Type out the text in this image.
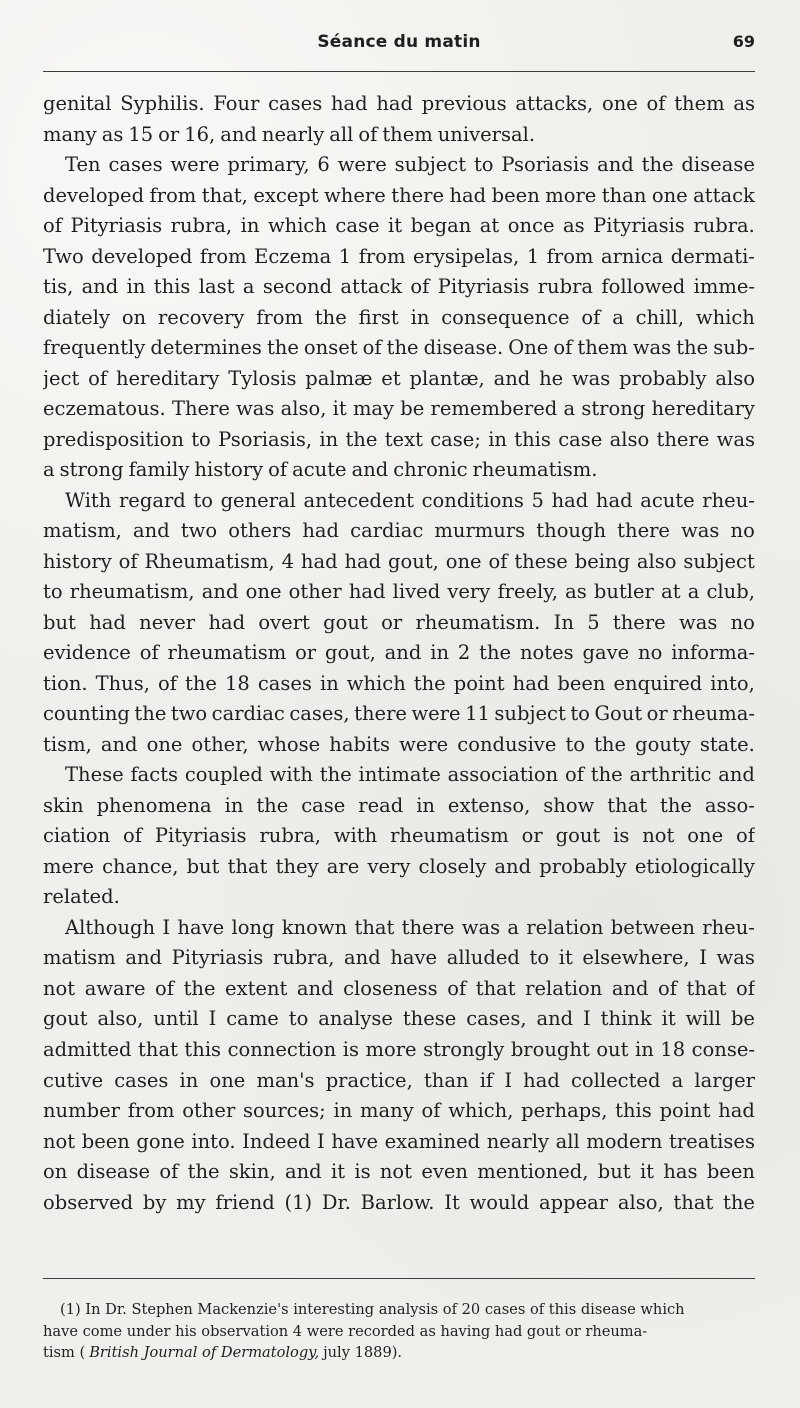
Séance du matin	69
genital Syphilis. Four cases had had previous attacks, one of them as
many as 15 or 16, and nearly all of them universal.
Ten cases were primary, 6 were subject to Psoriasis and the disease
developed from that, except where there had been more than one attack
of Pityriasis rubra, in which case it began at once as Pityriasis rubra.
Two developed from Eczema 1 from erysipelas, 1 from arnica dermati-
tis, and in this last a second attack of Pityriasis rubra followed imme-
diately on recovery from the first in consequence of a chill, which
frequently determines the onset of the disease. One of them was the sub-
ject of hereditary Tylosis palmæ et plantæ, and he was probably also
eczematous. There was also, it may be remembered a strong hereditary
predisposition to Psoriasis, in the text case; in this case also there was
a strong family history of acute and chronic rheumatism.
With regard to general antecedent conditions 5 had had acute rheu-
matism, and two others had cardiac murmurs though there was no
history of Rheumatism, 4 had had gout, one of these being also subject
to rheumatism, and one other had lived very freely, as butler at a club,
but had never had overt gout or rheumatism. In 5 there was no
evidence of rheumatism or gout, and in 2 the notes gave no informa-
tion. Thus, of the 18 cases in which the point had been enquired into,
counting the two cardiac cases, there were 11 subject to Gout or rheuma-
tism, and one other, whose habits were condusive to the gouty state.
These facts coupled with the intimate association of the arthritic and
skin phenomena in the case read in extenso, show that the asso-
ciation of Pityriasis rubra, with rheumatism or gout is not one of
mere chance, but that they are very closely and probably etiologically
related.
Although I have long known that there was a relation between rheu-
matism and Pityriasis rubra, and have alluded to it elsewhere, I was
not aware of the extent and closeness of that relation and of that of
gout also, until I came to analyse these cases, and I think it will be
admitted that this connection is more strongly brought out in 18 conse-
cutive cases in one man's practice, than if I had collected a larger
number from other sources; in many of which, perhaps, this point had
not been gone into. Indeed I have examined nearly all modern treatises
on disease of the skin, and it is not even mentioned, but it has been
observed by my friend (1) Dr. Barlow. It would appear also, that the
(1) In Dr. Stephen Mackenzie's interesting analysis of 20 cases of this disease which
have come under his observation 4 were recorded as having had gout or rheuma-
tism ( British Journal of Dermatology, july 1889).
